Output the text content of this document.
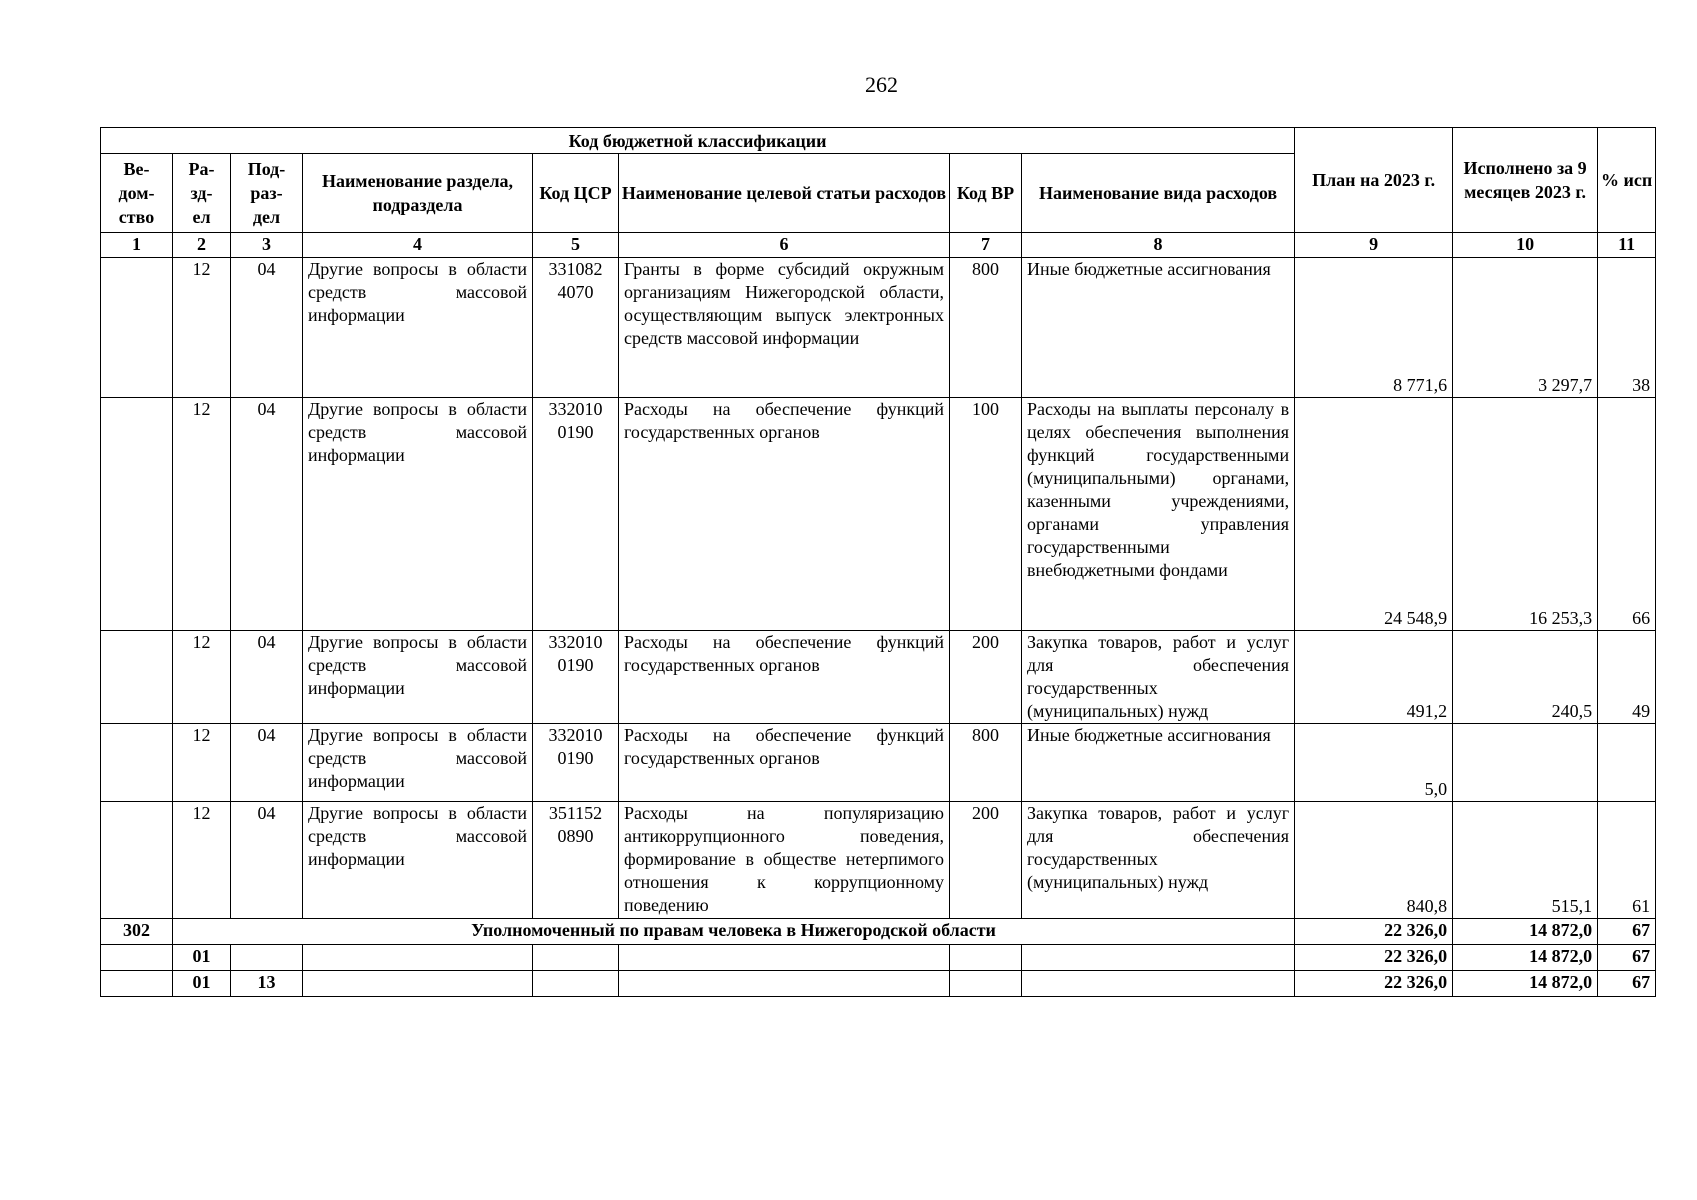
262
Код бюджетной классификации								План на 2023 г.	Исполнено за 9 месяцев 2023 г.	% исп
Ве-
дом-
ство	Ра-
зд-
ел	Под-
раз-
дел	Наименование раздела, подраздела	Код ЦСР	Наименование целевой статьи расходов	Код ВР	Наименование вида расходов			
1	2	3	4	5	6	7	8	9	10	11
	12	04	Другие вопросы в области средств массовой информации	331082 4070	Гранты в форме субсидий окружным организациям Нижегородской области, осуществляющим выпуск электронных средств массовой информации	800	Иные бюджетные ассигнования	8 771,6	3 297,7	38
	12	04	Другие вопросы в области средств массовой информации	332010 0190	Расходы на обеспечение функций государственных органов	100	Расходы на выплаты персоналу в целях обеспечения выполнения функций государственными (муниципальными) органами, казенными учреждениями, органами управления государственными внебюджетными фондами	24 548,9	16 253,3	66
	12	04	Другие вопросы в области средств массовой информации	332010 0190	Расходы на обеспечение функций государственных органов	200	Закупка товаров, работ и услуг для обеспечения государственных (муниципальных) нужд	491,2	240,5	49
	12	04	Другие вопросы в области средств массовой информации	332010 0190	Расходы на обеспечение функций государственных органов	800	Иные бюджетные ассигнования	5,0		
	12	04	Другие вопросы в области средств массовой информации	351152 0890	Расходы на популяризацию антикоррупционного поведения, формирование в обществе нетерпимого отношения к коррупционному поведению	200	Закупка товаров, работ и услуг для обеспечения государственных (муниципальных) нужд	840,8	515,1	61
302	Уполномоченный по правам человека в Нижегородской области							22 326,0	14 872,0	67
	01							22 326,0	14 872,0	67
	01	13						22 326,0	14 872,0	67
